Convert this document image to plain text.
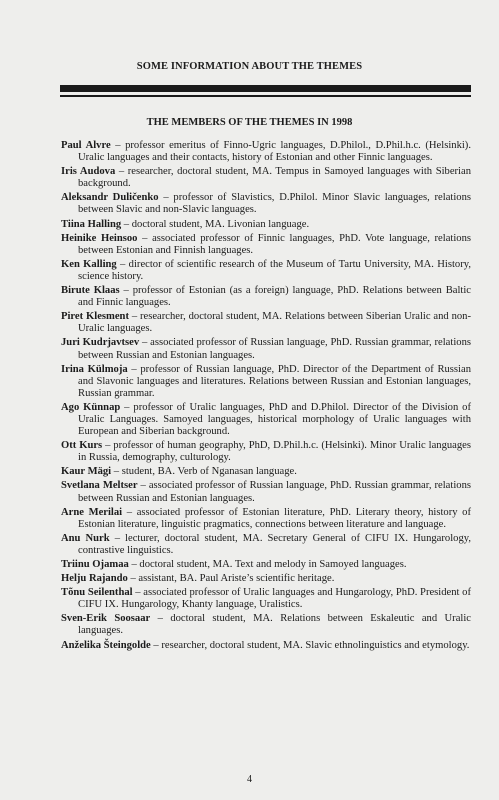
SOME INFORMATION ABOUT THE THEMES
THE MEMBERS OF THE THEMES IN 1998

Paul Alvre – professor emeritus of Finno-Ugric languages, D.Philol., D.Phil.h.c. (Helsinki). Uralic languages and their contacts, history of Estonian and other Finnic languages.

Iris Audova – researcher, doctoral student, MA. Tempus in Samoyed languages with Siberian background.

Aleksandr Duličenko – professor of Slavistics, D.Philol. Minor Slavic languages, relations between Slavic and non-Slavic languages.

Tiina Halling – doctoral student, MA. Livonian language.

Heinike Heinsoo – associated professor of Finnic languages, PhD. Vote language, relations between Estonian and Finnish languages.

Ken Kalling – director of scientific research of the Museum of Tartu University, MA. History, science history.

Birute Klaas – professor of Estonian (as a foreign) language, PhD. Relations between Baltic and Finnic languages.

Piret Klesment – researcher, doctoral student, MA. Relations between Siberian Uralic and non-Uralic languages.

Juri Kudrjavtsev – associated professor of Russian language, PhD. Russian grammar, relations between Russian and Estonian languages.

Irina Külmoja – professor of Russian language, PhD. Director of the Department of Russian and Slavonic languages and literatures. Relations between Russian and Estonian languages, Russian grammar.

Ago Künnap – professor of Uralic languages, PhD and D.Philol. Director of the Division of Uralic Languages. Samoyed languages, historical morphology of Uralic languages with European and Siberian background.

Ott Kurs – professor of human geography, PhD, D.Phil.h.c. (Helsinki). Minor Uralic languages in Russia, demography, culturology.

Kaur Mägi – student, BA. Verb of Nganasan language.

Svetlana Meltser – associated professor of Russian language, PhD. Russian grammar, relations between Russian and Estonian languages.

Arne Merilai – associated professor of Estonian literature, PhD. Literary theory, history of Estonian literature, linguistic pragmatics, connections between literature and language.

Anu Nurk – lecturer, doctoral student, MA. Secretary General of CIFU IX. Hungarology, contrastive linguistics.

Triinu Ojamaa – doctoral student, MA. Text and melody in Samoyed languages.

Helju Rajando – assistant, BA. Paul Ariste’s scientific heritage.

Tõnu Seilenthal – associated professor of Uralic languages and Hungarology, PhD. President of CIFU IX. Hungarology, Khanty language, Uralistics.

Sven-Erik Soosaar – doctoral student, MA. Relations between Eskaleutic and Uralic languages.

Anželika Šteingolde – researcher, doctoral student, MA. Slavic ethnolinguistics and etymology.

4
